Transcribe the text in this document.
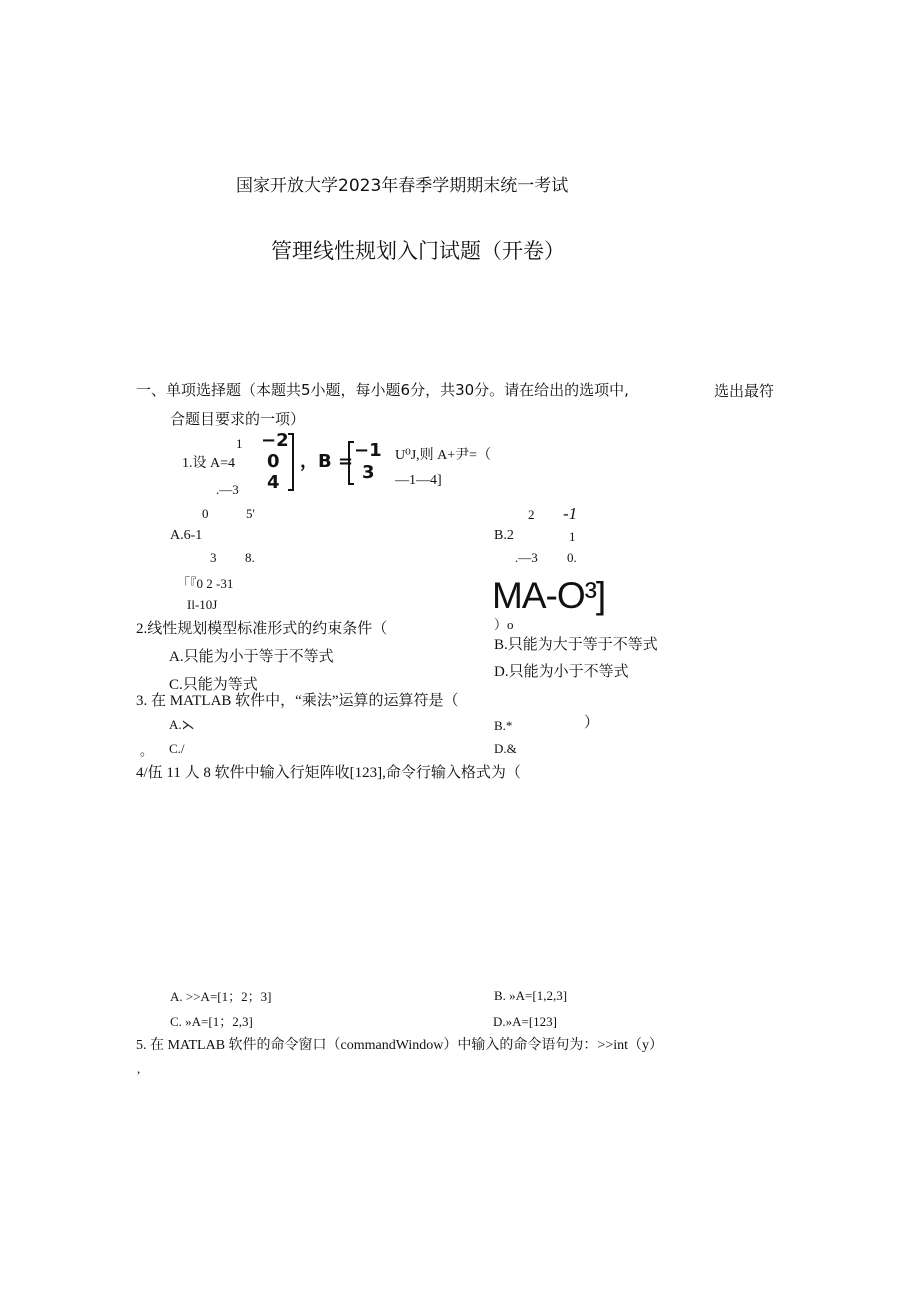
国家开放大学2023年春季学期期末统一考试
管理线性规划入门试题（开卷）
一、单项选择题（本题共5小题，每小题6分，共30分。请在给出的选项中,	选出最符
合题目要求的一项）
1
1.设 A=4
.—3
−2
0
4
，B =
−1
3
U⁰J,则 A+尹=（
—1—4]
0	5'
A.6-1
3 8.
「『0 2 -31
Il-10J
2 -1
B.2	1
.—3 0.
MA-O³]
）o
2.线性规划模型标准形式的约束条件（
A.只能为小于等于不等式
B.只能为大于等于不等式
C.只能为等式
D.只能为小于不等式
3. 在 MATLAB 软件中，“乘法”运算的运算符是（
A.⋋	B.*	）
。 C./	D.&
4/伍 11 人 8 软件中输入行矩阵收[123],命令行输入格式为（
A. >>A=[1；2；3]	B. »A=[1,2,3]
C. »A=[1；2,3]	D.»A=[123]
5. 在 MATLAB 软件的命令窗口（commandWindow）中输入的命令语句为：>>int（y）
,
